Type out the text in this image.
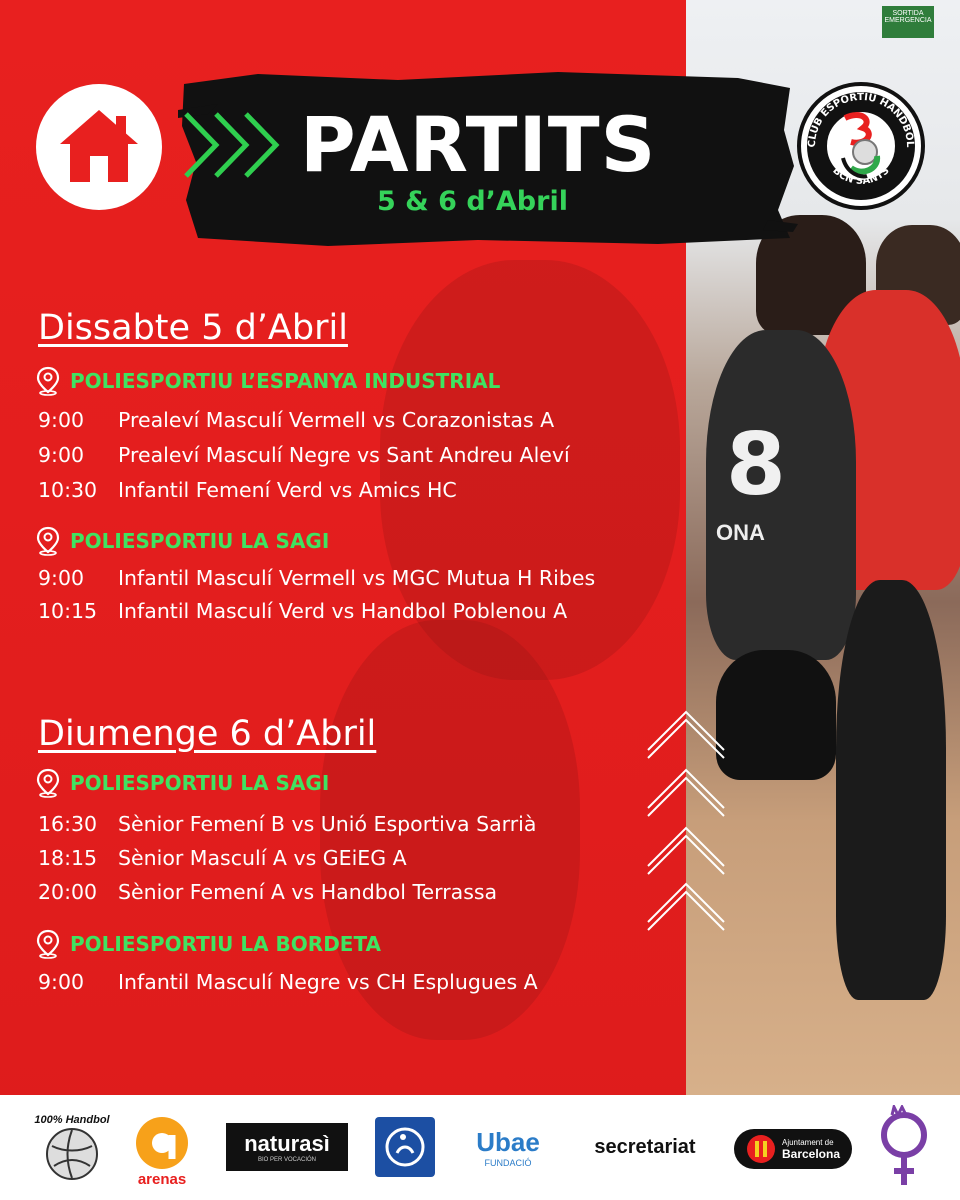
SORTIDA EMERGENCIA
8
ONA
PARTITS
5 & 6 d’Abril
CLUB ESPORTIU HANDBOL
BCN SANTS
Dissabte 5 d’Abril
POLIESPORTIU L’ESPANYA INDUSTRIAL
9:00	Prealeví Masculí Vermell vs Corazonistas A
9:00	Prealeví Masculí Negre vs Sant Andreu Aleví
10:30	Infantil Femení Verd vs Amics HC
POLIESPORTIU LA SAGI
9:00	Infantil Masculí Vermell vs MGC Mutua H Ribes
10:15	Infantil Masculí Verd vs Handbol Poblenou A
Diumenge 6 d’Abril
POLIESPORTIU LA SAGI
16:30	Sènior Femení B vs Unió Esportiva Sarrià
18:15	Sènior Masculí A vs GEiEG A
20:00	Sènior Femení A vs Handbol Terrassa
POLIESPORTIU LA BORDETA
9:00	Infantil Masculí Negre vs CH Esplugues A
100% Handbol
arenas
naturasì
BIO PER VOCACIÓN
Ubae
FUNDACIÓ
secretariat	Ajuntament de
Barcelona
